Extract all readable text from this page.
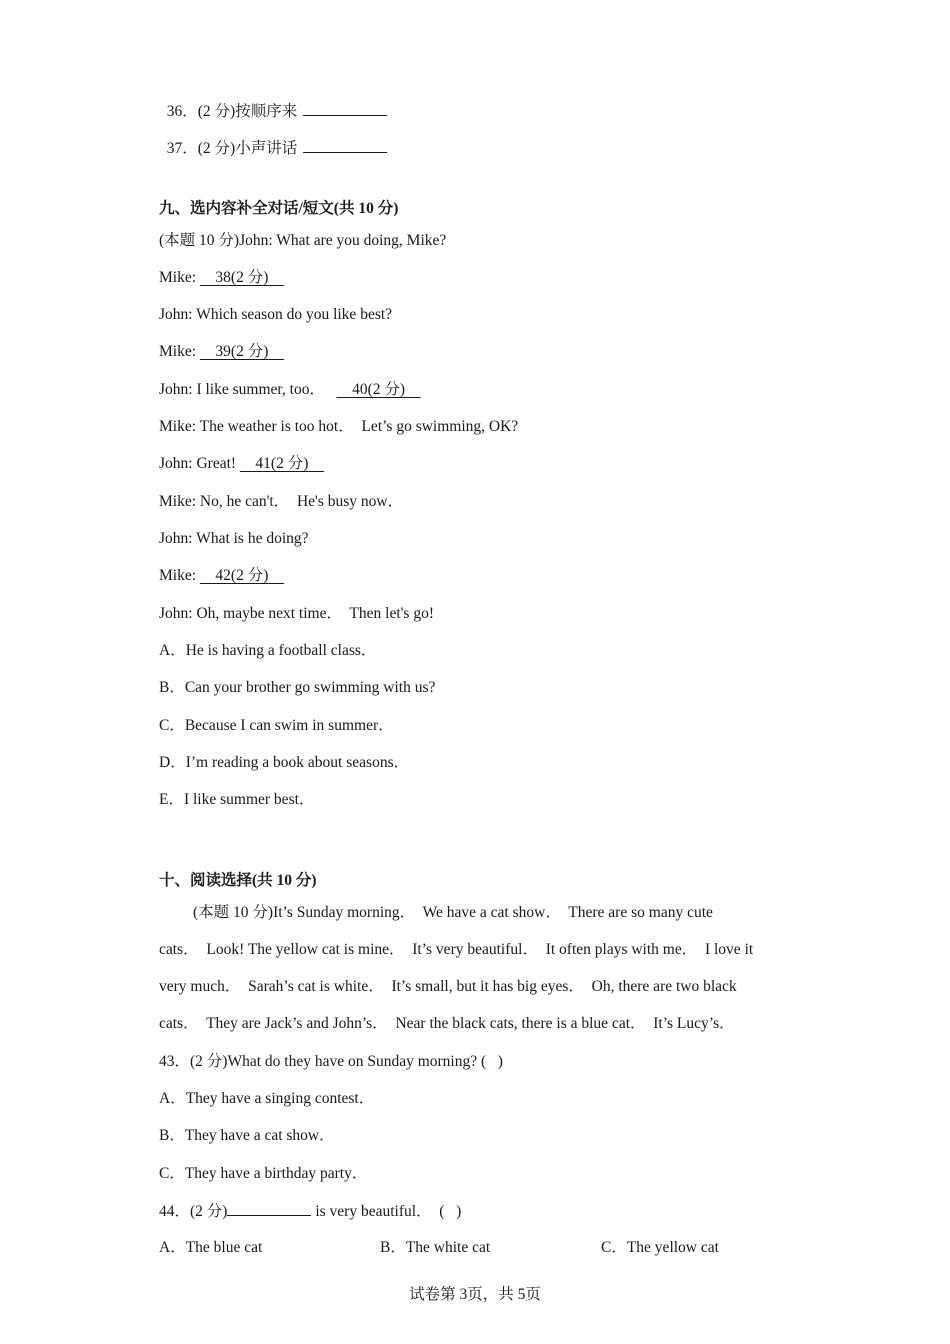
36．(2 分)按顺序来

37．(2 分)小声讲话

九、选内容补全对话/短文(共 10 分)
(本题 10 分)John: What are you doing, Mike?
Mike:     38(2 分)
John: Which season do you like best?
Mike:     39(2 分)
John: I like summer, too．       40(2 分)
Mike: The weather is too hot．  Let’s go swimming, OK?
John: Great!     41(2 分)
Mike: No, he can't．  He's busy now．
John: What is he doing?
Mike:     42(2 分)
John: Oh, maybe next time．  Then let's go!
A．He is having a football class．
B．Can your brother go swimming with us?
C．Because I can swim in summer．
D．I’m reading a book about seasons．
E．I like summer best．
十、阅读选择(共 10 分)
(本题 10 分)It’s Sunday morning．  We have a cat show．  There are so many cute
cats．  Look! The yellow cat is mine．  It’s very beautiful．  It often plays with me．  I love it
very much．  Sarah’s cat is white．  It’s small, but it has big eyes．  Oh, there are two black
cats．  They are Jack’s and John’s．  Near the black cats, there is a blue cat．  It’s Lucy’s．
43．(2 分)What do they have on Sunday morning? (   )
A．They have a singing contest．
B．They have a cat show．
C．They have a birthday party．
44．(2 分)	is very beautiful．  (   )
A．The blue cat	B．The white cat	C．The yellow cat
试卷第 3页，共 5页
